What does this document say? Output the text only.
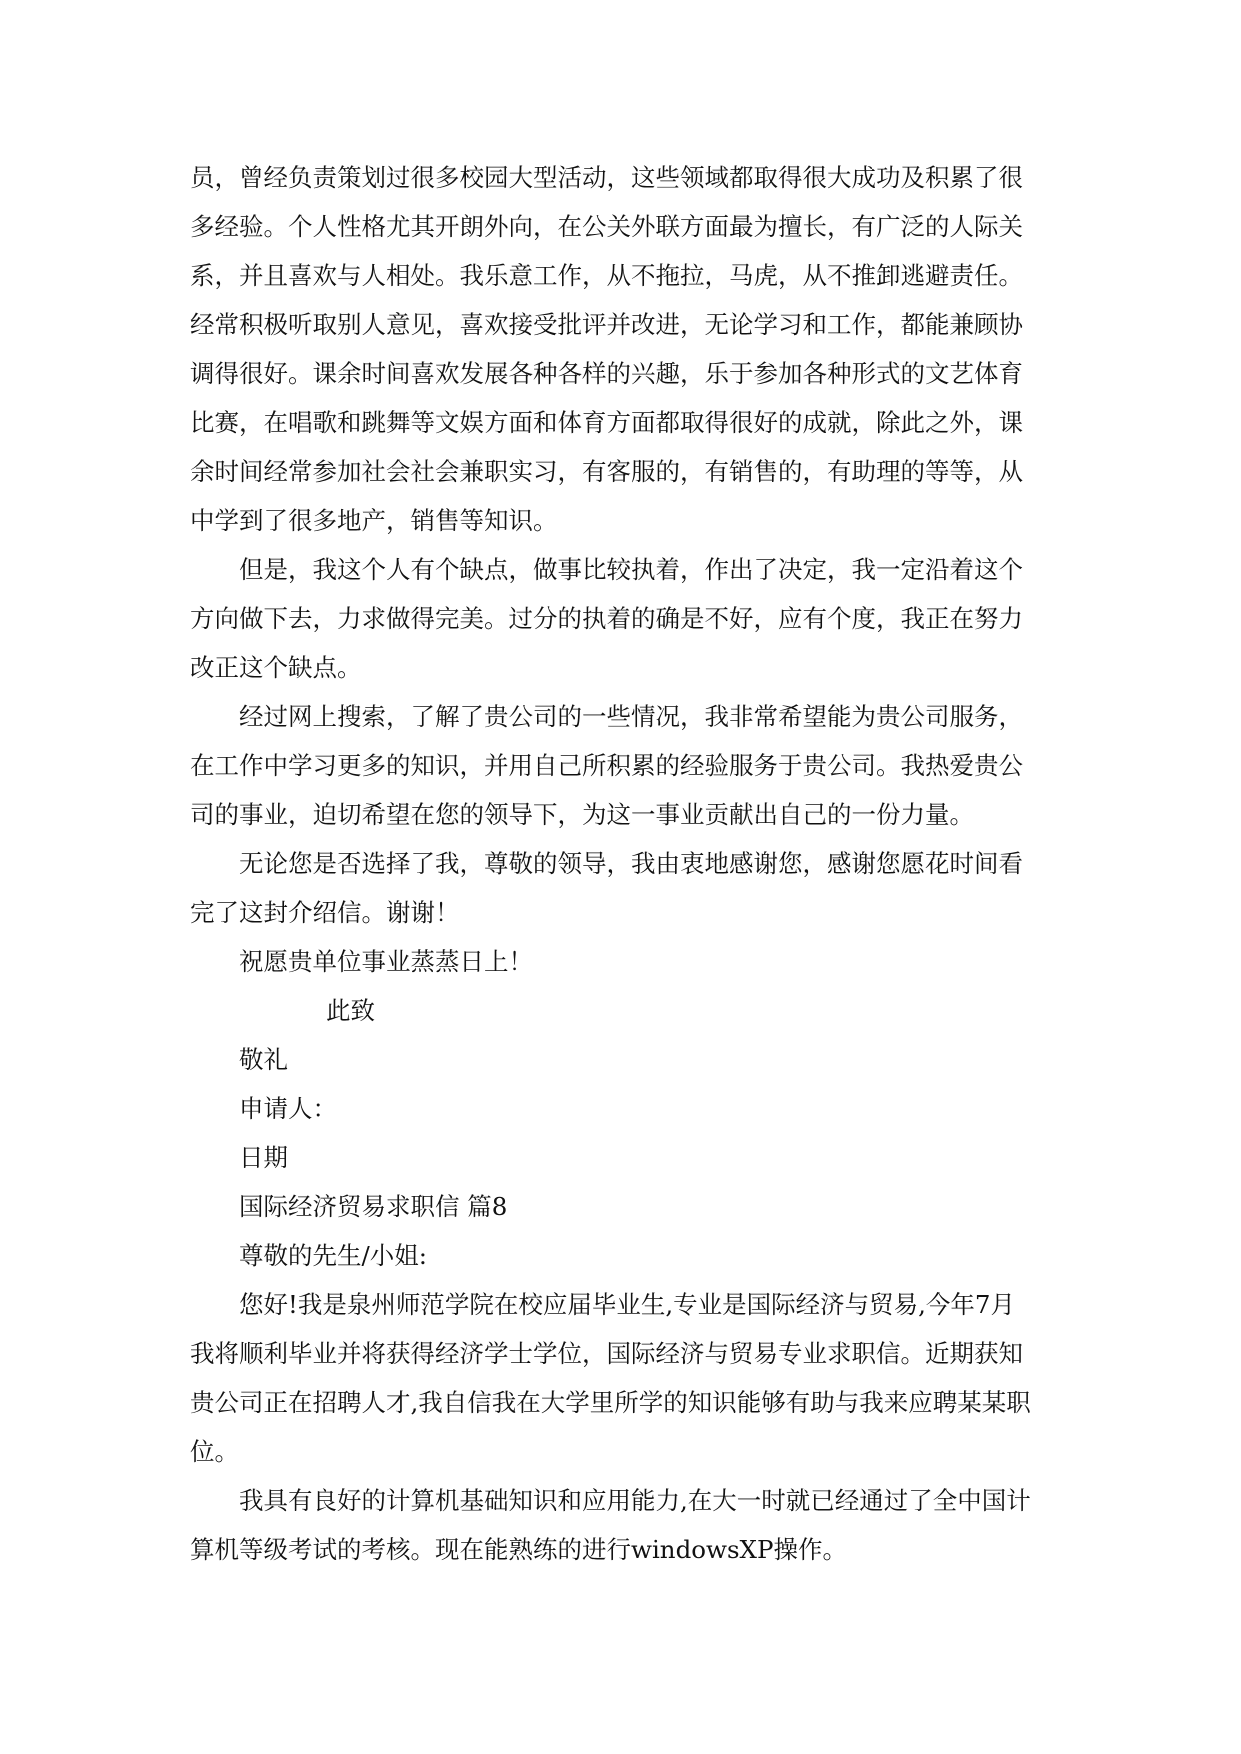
员，曾经负责策划过很多校园大型活动，这些领域都取得很大成功及积累了很
多经验。个人性格尤其开朗外向，在公关外联方面最为擅长，有广泛的人际关
系，并且喜欢与人相处。我乐意工作，从不拖拉，马虎，从不推卸逃避责任。
经常积极听取别人意见，喜欢接受批评并改进，无论学习和工作，都能兼顾协
调得很好。课余时间喜欢发展各种各样的兴趣，乐于参加各种形式的文艺体育
比赛，在唱歌和跳舞等文娱方面和体育方面都取得很好的成就，除此之外，课
余时间经常参加社会社会兼职实习，有客服的，有销售的，有助理的等等，从
中学到了很多地产，销售等知识。
但是，我这个人有个缺点，做事比较执着，作出了决定，我一定沿着这个
方向做下去，力求做得完美。过分的执着的确是不好，应有个度，我正在努力
改正这个缺点。
经过网上搜索，了解了贵公司的一些情况，我非常希望能为贵公司服务，
在工作中学习更多的知识，并用自己所积累的经验服务于贵公司。我热爱贵公
司的事业，迫切希望在您的领导下，为这一事业贡献出自己的一份力量。
无论您是否选择了我，尊敬的领导，我由衷地感谢您，感谢您愿花时间看
完了这封介绍信。谢谢！
祝愿贵单位事业蒸蒸日上！
此致
敬礼
申请人：
日期
国际经济贸易求职信 篇8
尊敬的先生/小姐:
您好!我是泉州师范学院在校应届毕业生,专业是国际经济与贸易,今年7月
我将顺利毕业并将获得经济学士学位，国际经济与贸易专业求职信。近期获知
贵公司正在招聘人才,我自信我在大学里所学的知识能够有助与我来应聘某某职
位。
我具有良好的计算机基础知识和应用能力,在大一时就已经通过了全中国计
算机等级考试的考核。现在能熟练的进行windowsXP操作。
